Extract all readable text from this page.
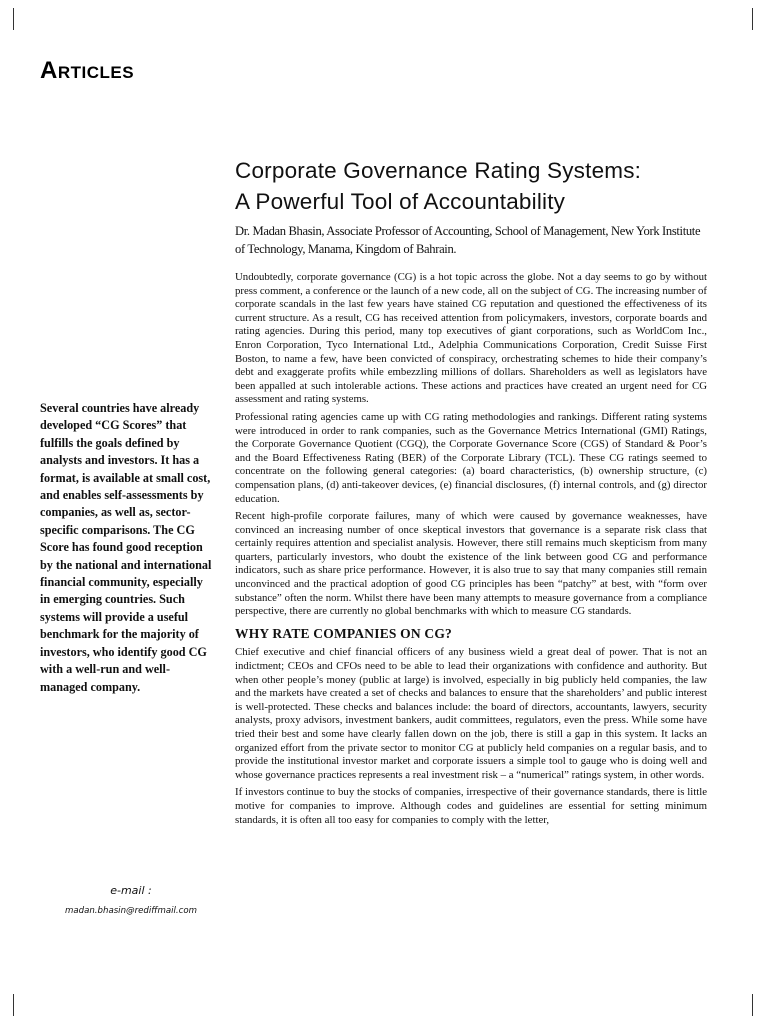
Articles
Corporate Governance Rating Systems:
A Powerful Tool of Accountability
Dr. Madan Bhasin, Associate Professor of Accounting, School of Management, New York Institute of Technology, Manama, Kingdom of Bahrain.

Undoubtedly, corporate governance (CG) is a hot topic across the globe. Not a day seems to go by without press comment, a conference or the launch of a new code, all on the subject of CG. The increasing number of corporate scandals in the last few years have stained CG reputation and questioned the effectiveness of its current structure. As a result, CG has received attention from policymakers, investors, corporate boards and rating agencies. During this period, many top executives of giant corporations, such as WorldCom Inc., Enron Corporation, Tyco International Ltd., Adelphia Communications Corporation, Credit Suisse First Boston, to name a few, have been convicted of conspiracy, orchestrating schemes to hide their company’s debt and exaggerate profits while embezzling millions of dollars. Shareholders as well as legislators have been appalled at such intolerable actions. These actions and practices have created an urgent need for CG assessment and rating systems.

Professional rating agencies came up with CG rating methodologies and rankings. Different rating systems were introduced in order to rank companies, such as the Governance Metrics International (GMI) Ratings, the Corporate Governance Quotient (CGQ), the Corporate Governance Score (CGS) of Standard & Poor’s and the Board Effectiveness Rating (BER) of the Corporate Library (TCL). These CG ratings seemed to concentrate on the following general categories: (a) board characteristics, (b) ownership structure, (c) compensation plans, (d) anti-takeover devices, (e) financial disclosures, (f) internal controls, and (g) director education.

Recent high-profile corporate failures, many of which were caused by governance weaknesses, have convinced an increasing number of once skeptical investors that governance is a separate risk class that certainly requires attention and specialist analysis. However, there still remains much skepticism from many quarters, particularly investors, who doubt the existence of the link between good CG and performance indicators, such as share price performance. However, it is also true to say that many companies still remain unconvinced and the practical adoption of good CG principles has been “patchy” at best, with “form over substance” often the norm. Whilst there have been many attempts to measure governance from a compliance perspective, there are currently no global benchmarks with which to measure CG standards.

WHY RATE COMPANIES ON CG?

Chief executive and chief financial officers of any business wield a great deal of power. That is not an indictment; CEOs and CFOs need to be able to lead their organizations with confidence and authority. But when other people’s money (public at large) is involved, especially in big publicly held companies, the law and the markets have created a set of checks and balances to ensure that the shareholders’ and public interest is well-protected. These checks and balances include: the board of directors, accountants, lawyers, security analysts, proxy advisors, investment bankers, audit committees, regulators, even the press. While some have tried their best and some have clearly fallen down on the job, there is still a gap in this system. It lacks an organized effort from the private sector to monitor CG at publicly held companies on a regular basis, and to provide the institutional investor market and corporate issuers a simple tool to gauge who is doing well and whose governance practices represents a real investment risk – a “numerical” ratings system, in other words.

If investors continue to buy the stocks of companies, irrespective of their governance standards, there is little motive for companies to improve. Although codes and guidelines are essential for setting minimum standards, it is often all too easy for companies to comply with the letter,

Several countries have already developed “CG Scores” that fulfills the goals defined by analysts and investors. It has a format, is available at small cost, and enables self-assessments by companies, as well as, sector-specific comparisons. The CG Score has found good reception by the national and international financial community, especially in emerging countries. Such systems will provide a useful benchmark for the majority of investors, who identify good CG with a well-run and well-managed company.
e-mail :
madan.bhasin@rediffmail.com
